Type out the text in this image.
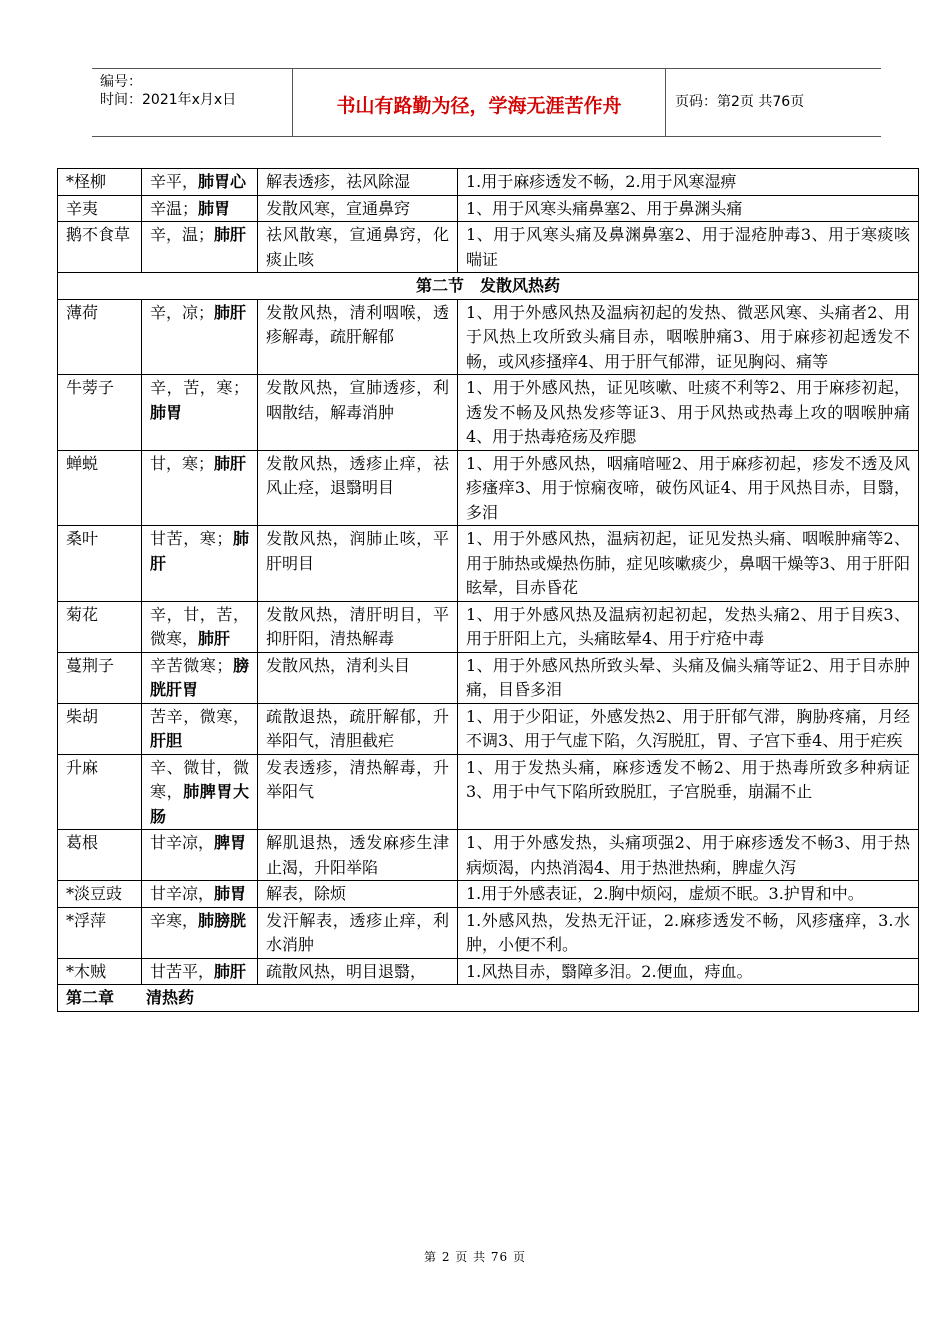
编号：
时间：2021年x月x日	书山有路勤为径，学海无涯苦作舟	页码：第2页 共76页
*柽柳	辛平，肺胃心	解表透疹，祛风除湿	1.用于麻疹透发不畅，2.用于风寒湿痹
辛夷	辛温；肺胃	发散风寒，宣通鼻窍	1、用于风寒头痛鼻塞2、用于鼻渊头痛
鹅不食草	辛，温；肺肝	祛风散寒，宣通鼻窍，化痰止咳	1、用于风寒头痛及鼻渊鼻塞2、用于湿疮肿毒3、用于寒痰咳喘证
第二节　发散风热药			
薄荷	辛，凉；肺肝	发散风热，清利咽喉，透疹解毒，疏肝解郁	1、用于外感风热及温病初起的发热、微恶风寒、头痛者2、用于风热上攻所致头痛目赤，咽喉肿痛3、用于麻疹初起透发不畅，或风疹搔痒4、用于肝气郁滞，证见胸闷、痛等
牛蒡子	辛，苦，寒；肺胃	发散风热，宣肺透疹，利咽散结，解毒消肿	1、用于外感风热，证见咳嗽、吐痰不利等2、用于麻疹初起，透发不畅及风热发疹等证3、用于风热或热毒上攻的咽喉肿痛4、用于热毒疮疡及痄腮
蝉蜕	甘，寒；肺肝	发散风热，透疹止痒，祛风止痉，退翳明目	1、用于外感风热，咽痛喑哑2、用于麻疹初起，疹发不透及风疹瘙痒3、用于惊痫夜啼，破伤风证4、用于风热目赤，目翳，多泪
桑叶	甘苦，寒；肺肝	发散风热，润肺止咳，平肝明目	1、用于外感风热，温病初起，证见发热头痛、咽喉肿痛等2、用于肺热或燥热伤肺，症见咳嗽痰少，鼻咽干燥等3、用于肝阳眩晕，目赤昏花
菊花	辛，甘，苦，微寒，肺肝	发散风热，清肝明目，平抑肝阳，清热解毒	1、用于外感风热及温病初起初起，发热头痛2、用于目疾3、用于肝阳上亢，头痛眩晕4、用于疔疮中毒
蔓荆子	辛苦微寒；膀胱肝胃	发散风热，清利头目	1、用于外感风热所致头晕、头痛及偏头痛等证2、用于目赤肿痛，目昏多泪
柴胡	苦辛，微寒，肝胆	疏散退热，疏肝解郁，升举阳气，清胆截疟	1、用于少阳证，外感发热2、用于肝郁气滞，胸胁疼痛，月经不调3、用于气虚下陷，久泻脱肛，胃、子宫下垂4、用于疟疾
升麻	辛、微甘，微寒，肺脾胃大肠	发表透疹，清热解毒，升举阳气	1、用于发热头痛，麻疹透发不畅2、用于热毒所致多种病证3、用于中气下陷所致脱肛，子宫脱垂，崩漏不止
葛根	甘辛凉，脾胃	解肌退热，透发麻疹生津止渴，升阳举陷	1、用于外感发热，头痛项强2、用于麻疹透发不畅3、用于热病烦渴，内热消渴4、用于热泄热痢，脾虚久泻
*淡豆豉	甘辛凉，肺胃	解表，除烦	1.用于外感表证，2.胸中烦闷，虚烦不眠。3.护胃和中。
*浮萍	辛寒，肺膀胱	发汗解表，透疹止痒，利水消肿	1.外感风热，发热无汗证，2.麻疹透发不畅，风疹瘙痒，3.水肿，小便不利。
*木贼	甘苦平，肺肝	疏散风热，明目退翳，	1.风热目赤，翳障多泪。2.便血，痔血。
第二章　　清热药			
第 2 页 共 76 页
